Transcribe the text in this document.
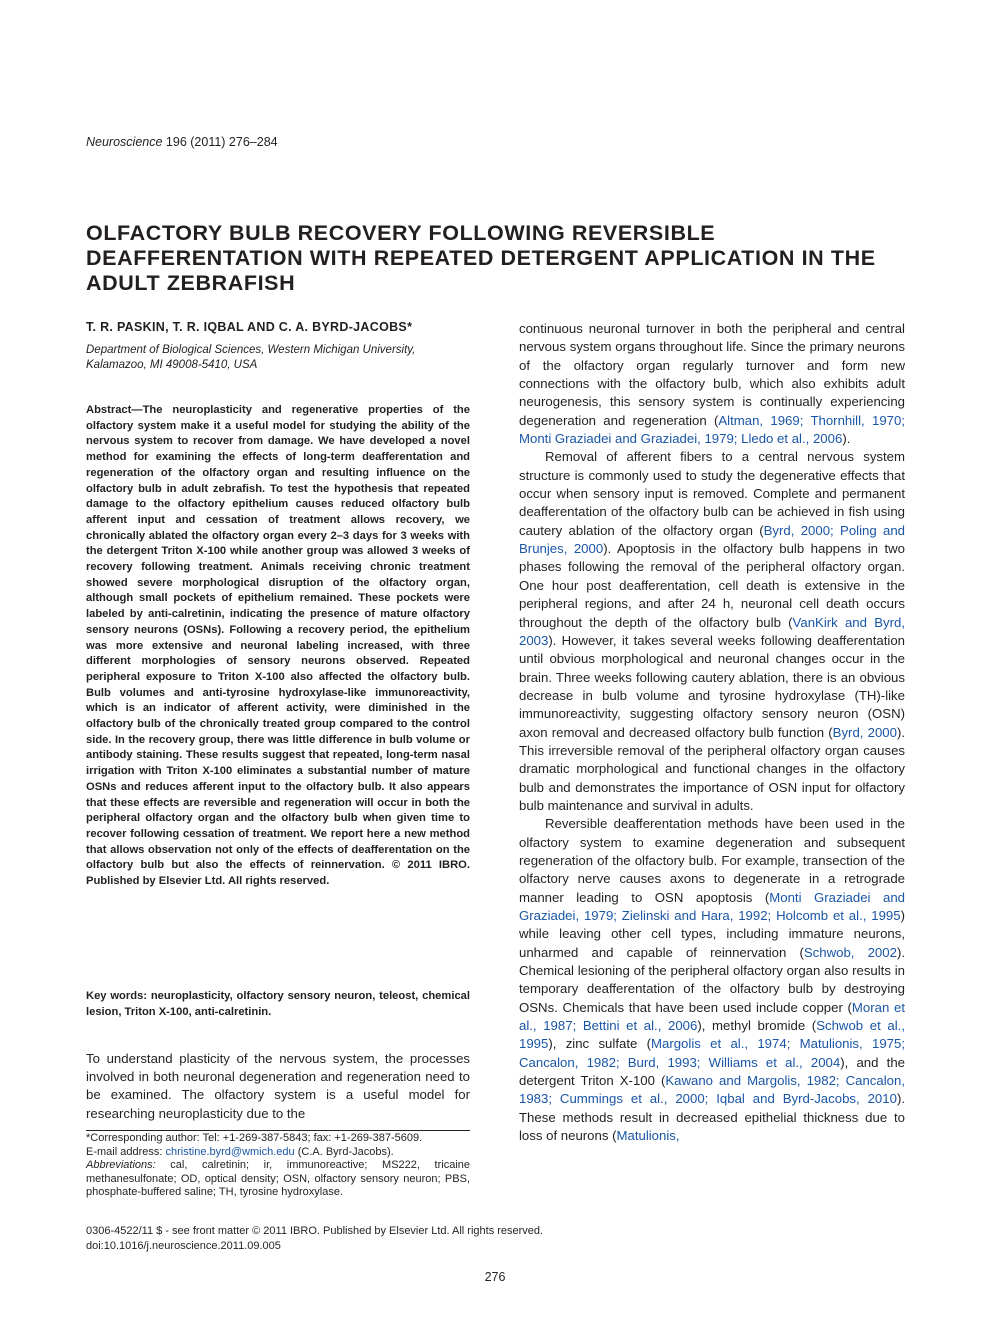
Neuroscience 196 (2011) 276–284
OLFACTORY BULB RECOVERY FOLLOWING REVERSIBLE DEAFFERENTATION WITH REPEATED DETERGENT APPLICATION IN THE ADULT ZEBRAFISH
T. R. PASKIN, T. R. IQBAL AND C. A. BYRD-JACOBS*
Department of Biological Sciences, Western Michigan University,
Kalamazoo, MI 49008-5410, USA

Abstract—The neuroplasticity and regenerative properties of the olfactory system make it a useful model for studying the ability of the nervous system to recover from damage. We have developed a novel method for examining the effects of long-term deafferentation and regeneration of the olfactory organ and resulting influence on the olfactory bulb in adult zebrafish. To test the hypothesis that repeated damage to the olfactory epithelium causes reduced olfactory bulb afferent input and cessation of treatment allows recovery, we chronically ablated the olfactory organ every 2–3 days for 3 weeks with the detergent Triton X-100 while another group was allowed 3 weeks of recovery following treatment. Animals receiving chronic treatment showed severe morphological disruption of the olfactory organ, although small pockets of epithelium remained. These pockets were labeled by anti-calretinin, indicating the presence of mature olfactory sensory neurons (OSNs). Following a recovery period, the epithelium was more extensive and neuronal labeling increased, with three different morphologies of sensory neurons observed. Repeated peripheral exposure to Triton X-100 also affected the olfactory bulb. Bulb volumes and anti-tyrosine hydroxylase-like immunoreactivity, which is an indicator of afferent activity, were diminished in the olfactory bulb of the chronically treated group compared to the control side. In the recovery group, there was little difference in bulb volume or antibody staining. These results suggest that repeated, long-term nasal irrigation with Triton X-100 eliminates a substantial number of mature OSNs and reduces afferent input to the olfactory bulb. It also appears that these effects are reversible and regeneration will occur in both the peripheral olfactory organ and the olfactory bulb when given time to recover following cessation of treatment. We report here a new method that allows observation not only of the effects of deafferentation on the olfactory bulb but also the effects of reinnervation. © 2011 IBRO. Published by Elsevier Ltd. All rights reserved.

Key words: neuroplasticity, olfactory sensory neuron, teleost, chemical lesion, Triton X-100, anti-calretinin.

To understand plasticity of the nervous system, the processes involved in both neuronal degeneration and regeneration need to be examined. The olfactory system is a useful model for researching neuroplasticity due to the

*Corresponding author: Tel: +1-269-387-5843; fax: +1-269-387-5609.

E-mail address: christine.byrd@wmich.edu (C.A. Byrd-Jacobs).

Abbreviations: cal, calretinin; ir, immunoreactive; MS222, tricaine methanesulfonate; OD, optical density; OSN, olfactory sensory neuron; PBS, phosphate-buffered saline; TH, tyrosine hydroxylase.

0306-4522/11 $ - see front matter © 2011 IBRO. Published by Elsevier Ltd. All rights reserved.
doi:10.1016/j.neuroscience.2011.09.005

continuous neuronal turnover in both the peripheral and central nervous system organs throughout life. Since the primary neurons of the olfactory organ regularly turnover and form new connections with the olfactory bulb, which also exhibits adult neurogenesis, this sensory system is continually experiencing degeneration and regeneration (Altman, 1969; Thornhill, 1970; Monti Graziadei and Graziadei, 1979; Lledo et al., 2006).

Removal of afferent fibers to a central nervous system structure is commonly used to study the degenerative effects that occur when sensory input is removed. Complete and permanent deafferentation of the olfactory bulb can be achieved in fish using cautery ablation of the olfactory organ (Byrd, 2000; Poling and Brunjes, 2000). Apoptosis in the olfactory bulb happens in two phases following the removal of the peripheral olfactory organ. One hour post deafferentation, cell death is extensive in the peripheral regions, and after 24 h, neuronal cell death occurs throughout the depth of the olfactory bulb (VanKirk and Byrd, 2003). However, it takes several weeks following deafferentation until obvious morphological and neuronal changes occur in the brain. Three weeks following cautery ablation, there is an obvious decrease in bulb volume and tyrosine hydroxylase (TH)-like immunoreactivity, suggesting olfactory sensory neuron (OSN) axon removal and decreased olfactory bulb function (Byrd, 2000). This irreversible removal of the peripheral olfactory organ causes dramatic morphological and functional changes in the olfactory bulb and demonstrates the importance of OSN input for olfactory bulb maintenance and survival in adults.

Reversible deafferentation methods have been used in the olfactory system to examine degeneration and subsequent regeneration of the olfactory bulb. For example, transection of the olfactory nerve causes axons to degenerate in a retrograde manner leading to OSN apoptosis (Monti Graziadei and Graziadei, 1979; Zielinski and Hara, 1992; Holcomb et al., 1995) while leaving other cell types, including immature neurons, unharmed and capable of reinnervation (Schwob, 2002). Chemical lesioning of the peripheral olfactory organ also results in temporary deafferentation of the olfactory bulb by destroying OSNs. Chemicals that have been used include copper (Moran et al., 1987; Bettini et al., 2006), methyl bromide (Schwob et al., 1995), zinc sulfate (Margolis et al., 1974; Matulionis, 1975; Cancalon, 1982; Burd, 1993; Williams et al., 2004), and the detergent Triton X-100 (Kawano and Margolis, 1982; Cancalon, 1983; Cummings et al., 2000; Iqbal and Byrd-Jacobs, 2010). These methods result in decreased epithelial thickness due to loss of neurons (Matulionis,

276
